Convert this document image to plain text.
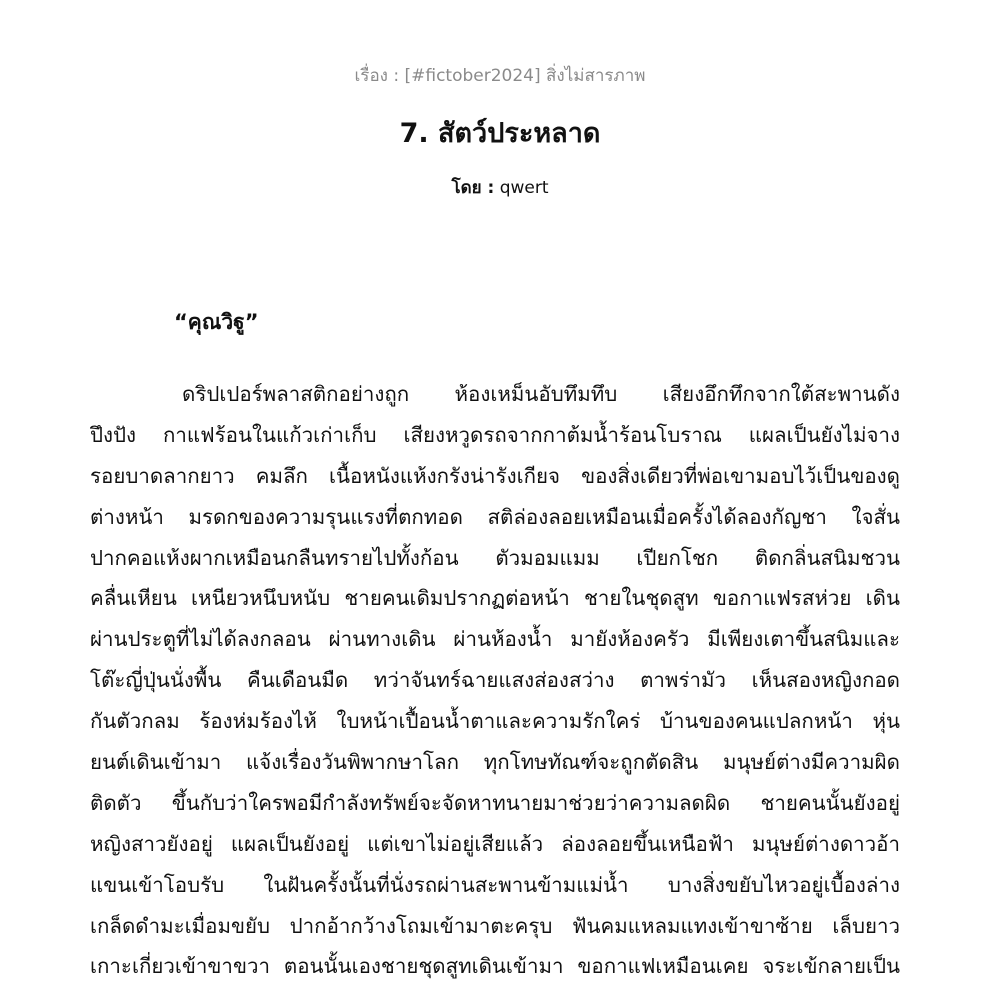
เรื่อง : [#fictober2024] สิ่งไม่สารภาพ
7. สัตว์ประหลาด
โดย : qwert
“คุณวิฐู”
ดริปเปอร์พลาสติกอย่างถูก ห้องเหม็นอับทึมทึบ เสียงอึกทึกจากใต้สะพานดัง
ปึงปัง กาแฟร้อนในแก้วเก่าเก็บ เสียงหวูดรถจากกาต้มน้ำร้อนโบราณ แผลเป็นยังไม่จาง
รอยบาดลากยาว คมลึก เนื้อหนังแห้งกรังน่ารังเกียจ ของสิ่งเดียวที่พ่อเขามอบไว้เป็นของดู
ต่างหน้า มรดกของความรุนแรงที่ตกทอด สติล่องลอยเหมือนเมื่อครั้งได้ลองกัญชา ใจสั่น
ปากคอแห้งผากเหมือนกลืนทรายไปทั้งก้อน ตัวมอมแมม เปียกโชก ติดกลิ่นสนิมชวน
คลื่นเหียน เหนียวหนึบหนับ ชายคนเดิมปรากฏต่อหน้า ชายในชุดสูท ขอกาแฟรสห่วย เดิน
ผ่านประตูที่ไม่ได้ลงกลอน ผ่านทางเดิน ผ่านห้องน้ำ มายังห้องครัว มีเพียงเตาขึ้นสนิมและ
โต๊ะญี่ปุ่นนั่งพื้น คืนเดือนมืด ทว่าจันทร์ฉายแสงส่องสว่าง ตาพร่ามัว เห็นสองหญิงกอด
กันตัวกลม ร้องห่มร้องไห้ ใบหน้าเปื้อนน้ำตาและความรักใคร่ บ้านของคนแปลกหน้า หุ่น
ยนต์เดินเข้ามา แจ้งเรื่องวันพิพากษาโลก ทุกโทษทัณฑ์จะถูกตัดสิน มนุษย์ต่างมีความผิด
ติดตัว ขึ้นกับว่าใครพอมีกำลังทรัพย์จะจัดหาทนายมาช่วยว่าความลดผิด ชายคนนั้นยังอยู่
หญิงสาวยังอยู่ แผลเป็นยังอยู่ แต่เขาไม่อยู่เสียแล้ว ล่องลอยขึ้นเหนือฟ้า มนุษย์ต่างดาวอ้า
แขนเข้าโอบรับ ในฝันครั้งนั้นที่นั่งรถผ่านสะพานข้ามแม่น้ำ บางสิ่งขยับไหวอยู่เบื้องล่าง
เกล็ดดำมะเมื่อมขยับ ปากอ้ากว้างโถมเข้ามาตะครุบ ฟันคมแหลมแทงเข้าขาซ้าย เล็บยาว
เกาะเกี่ยวเข้าขาขวา ตอนนั้นเองชายชุดสูทเดินเข้ามา ขอกาแฟเหมือนเคย จระเข้กลายเป็น
